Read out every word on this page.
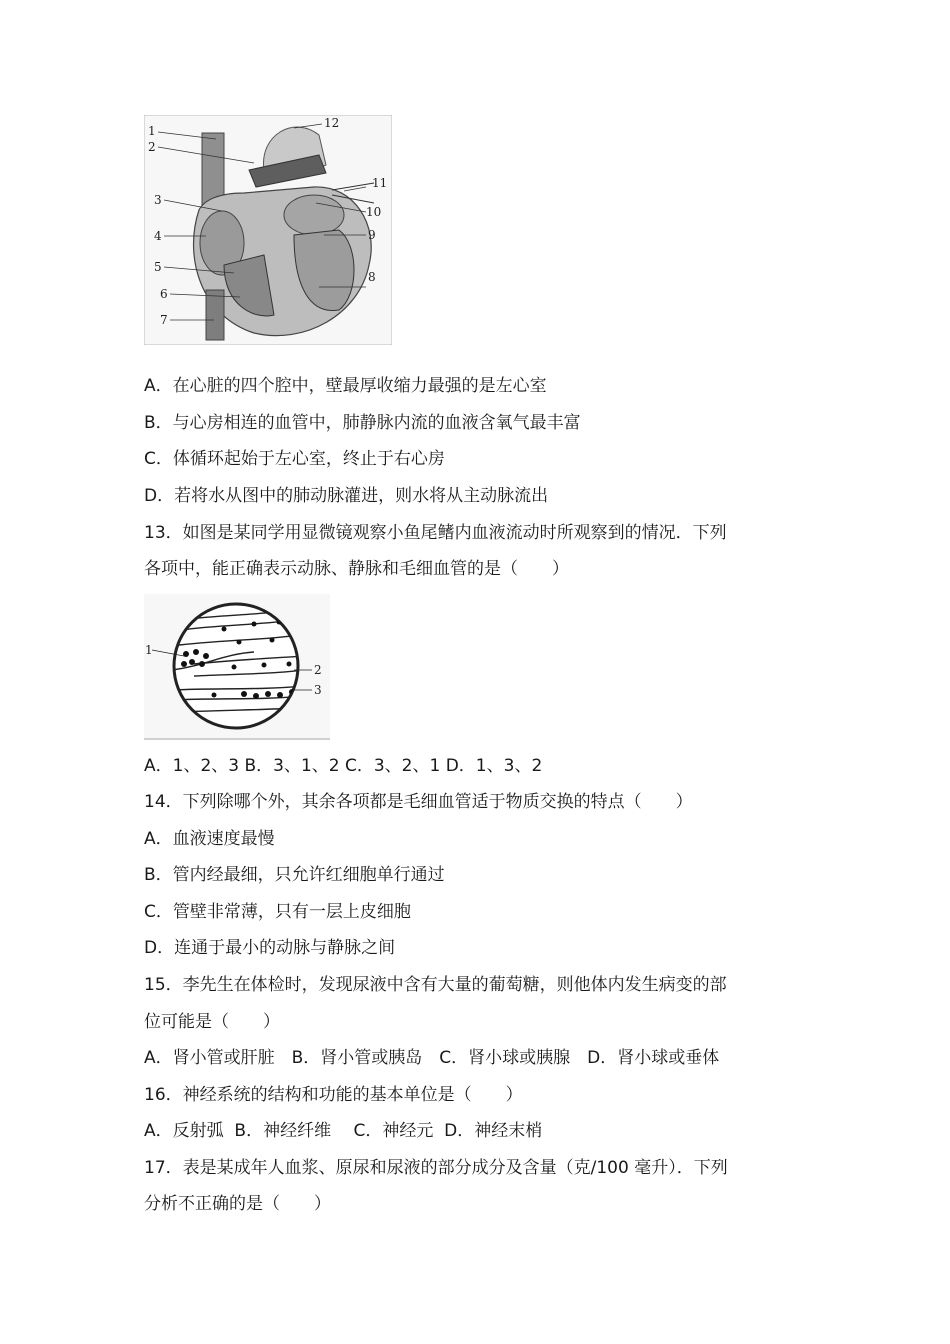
1
2
3
4
5
6
7
8
9
10
11
12
A．在心脏的四个腔中，壁最厚收缩力最强的是左心室
B．与心房相连的血管中，肺静脉内流的血液含氧气最丰富
C．体循环起始于左心室，终止于右心房
D．若将水从图中的肺动脉灌进，则水将从主动脉流出
13．如图是某同学用显微镜观察小鱼尾鳍内血液流动时所观察到的情况．下列
各项中，能正确表示动脉、静脉和毛细血管的是（　　）
1
2
3
A．1、2、3 B．3、1、2 C．3、2、1 D．1、3、2
14．下列除哪个外，其余各项都是毛细血管适于物质交换的特点（　　）
A．血液速度最慢
B．管内经最细，只允许红细胞单行通过
C．管壁非常薄，只有一层上皮细胞
D．连通于最小的动脉与静脉之间
15．李先生在体检时，发现尿液中含有大量的葡萄糖，则他体内发生病变的部
位可能是（　　）
A．肾小管或肝脏　B．肾小管或胰岛　C．肾小球或胰腺　D．肾小球或垂体
16．神经系统的结构和功能的基本单位是（　　）
A．反射弧  B．神经纤维　 C．神经元  D．神经末梢
17．表是某成年人血浆、原尿和尿液的部分成分及含量（克/100 毫升）．下列
分析不正确的是（　　）
